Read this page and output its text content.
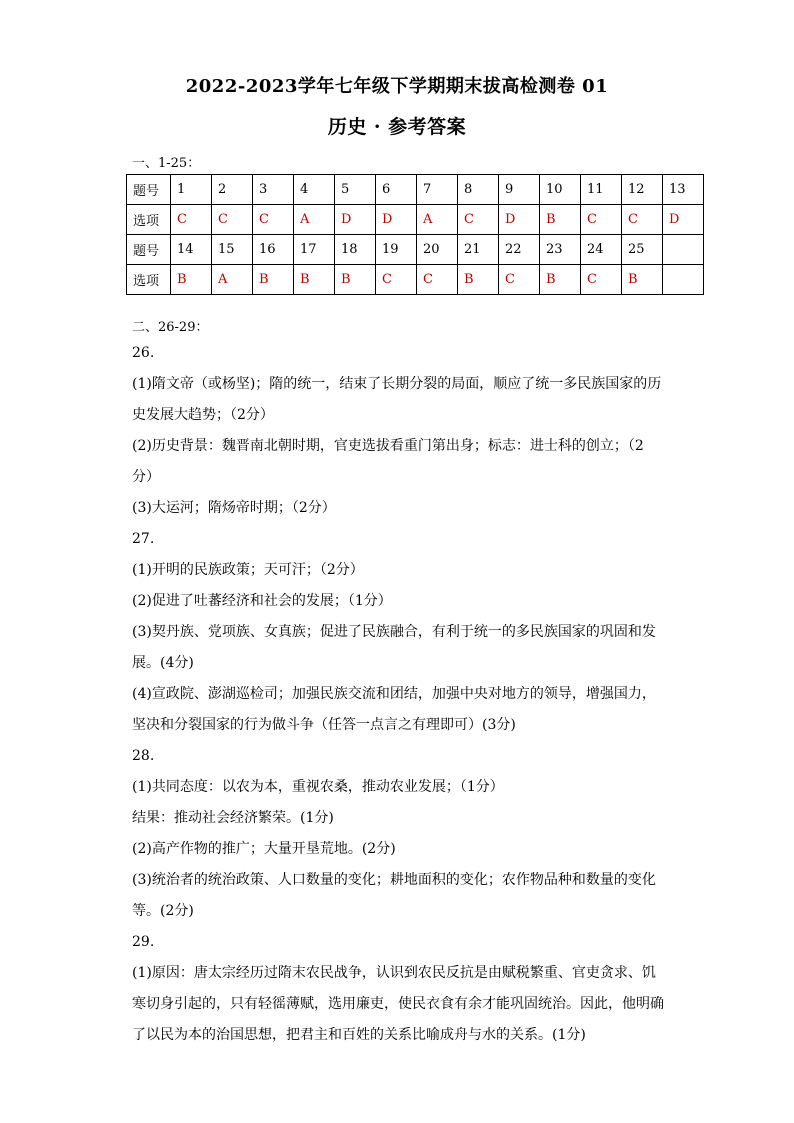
2022-2023学年七年级下学期期末拔高检测卷 01
历史 · 参考答案
一、1-25：
题号	1	2	3	4	5	6	7	8	9	10	11	12	13
选项	C	C	C	A	D	D	A	C	D	B	C	C	D
题号	14	15	16	17	18	19	20	21	22	23	24	25	
选项	B	A	B	B	B	C	C	B	C	B	C	B	
二、26-29：
26.
(1)隋文帝（或杨坚)；隋的统一，结束了长期分裂的局面，顺应了统一多民族国家的历
史发展大趋势；（2分）
(2)历史背景：魏晋南北朝时期，官吏选拔看重门第出身；标志：进士科的创立；（2
分）
(3)大运河；隋炀帝时期；（2分）
27.
(1)开明的民族政策；天可汗；（2分）
(2)促进了吐蕃经济和社会的发展；（1分）
(3)契丹族、党项族、女真族；促进了民族融合，有利于统一的多民族国家的巩固和发
展。(4分)
(4)宣政院、澎湖巡检司；加强民族交流和团结，加强中央对地方的领导，增强国力，
坚决和分裂国家的行为做斗争（任答一点言之有理即可）(3分)
28.
(1)共同态度：以农为本，重视农桑，推动农业发展；（1分）
结果：推动社会经济繁荣。(1分)
(2)高产作物的推广；大量开垦荒地。(2分)
(3)统治者的统治政策、人口数量的变化；耕地面积的变化；农作物品种和数量的变化
等。(2分)
29.
(1)原因：唐太宗经历过隋末农民战争，认识到农民反抗是由赋税繁重、官吏贪求、饥
寒切身引起的，只有轻徭薄赋，选用廉吏，使民衣食有余才能巩固统治。因此，他明确
了以民为本的治国思想，把君主和百姓的关系比喻成舟与水的关系。(1分)
